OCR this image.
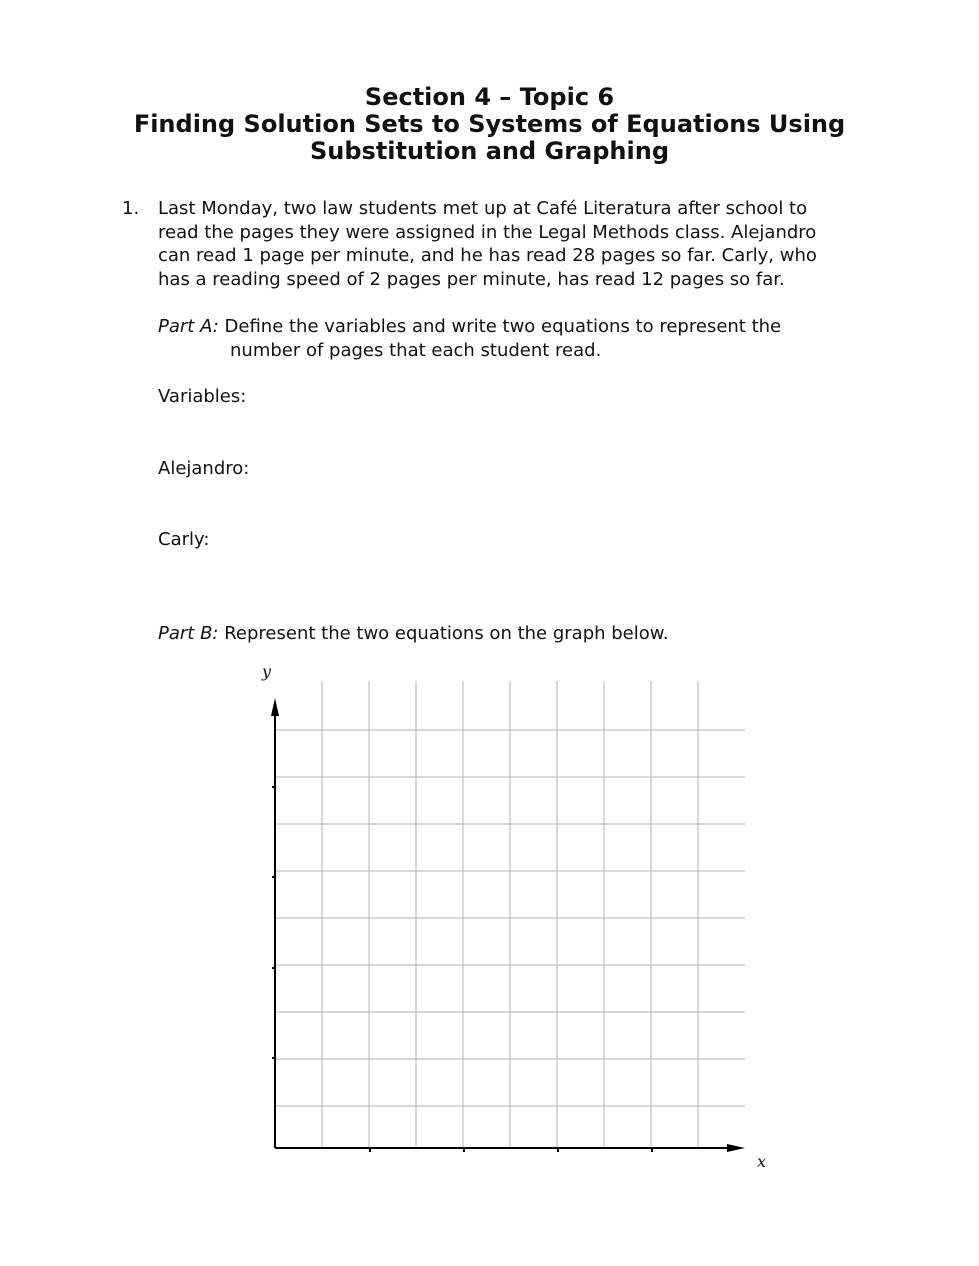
Section 4 – Topic 6
Finding Solution Sets to Systems of Equations Using
Substitution and Graphing
1. Last Monday, two law students met up at Café Literatura after school to
read the pages they were assigned in the Legal Methods class. Alejandro
can read 1 page per minute, and he has read 28 pages so far. Carly, who
has a reading speed of 2 pages per minute, has read 12 pages so far.
Part A: Define the variables and write two equations to represent the
number of pages that each student read.
Variables:
Alejandro:
Carly:
Part B: Represent the two equations on the graph below.
y
x
